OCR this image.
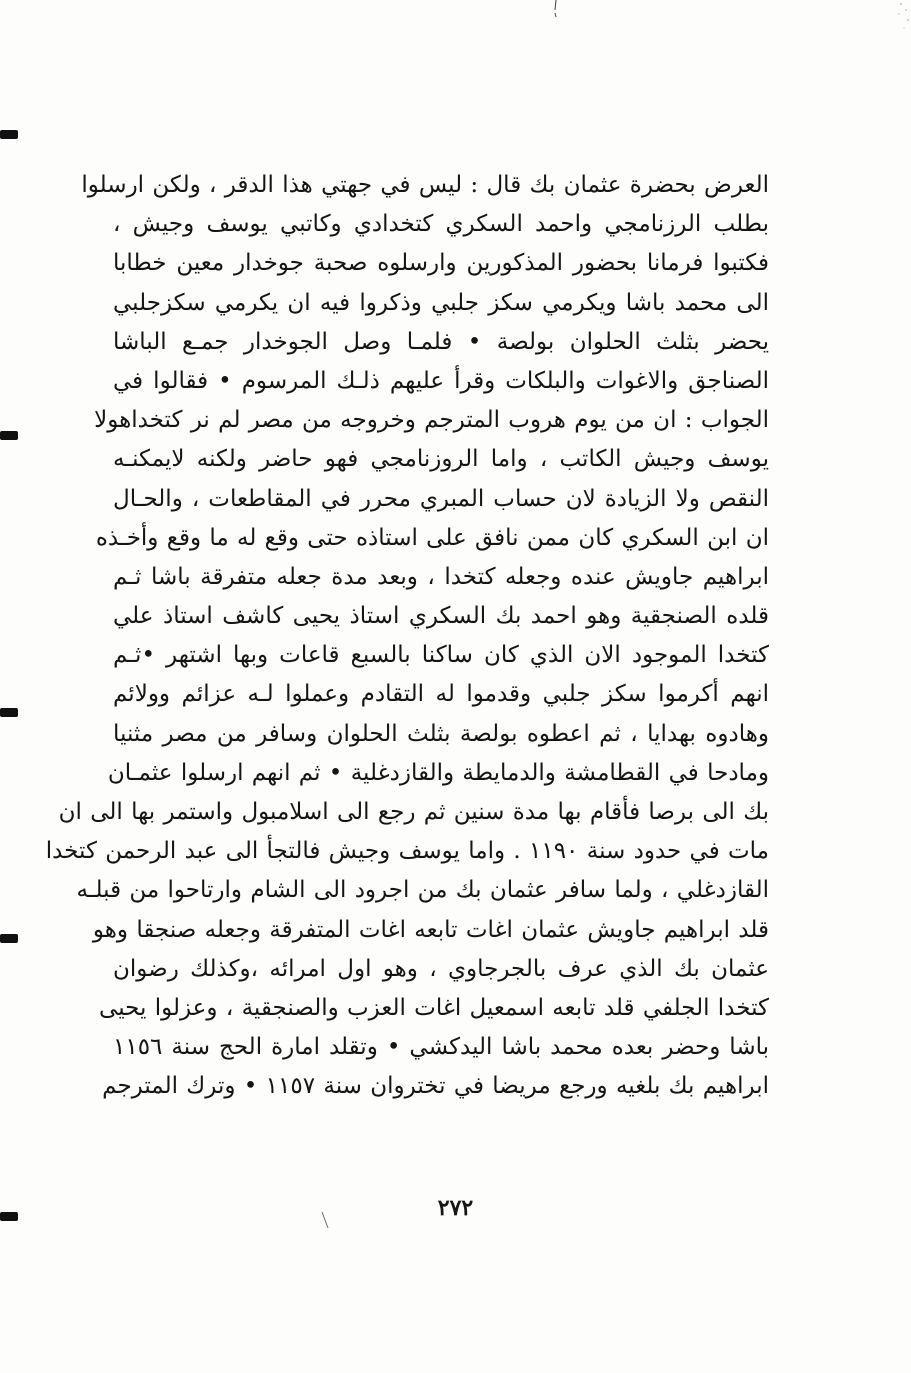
العرض بحضرة عثمان بك قال : ليس في جهتي هذا الدقر ، ولكن ارسلوا
بطلب الرزنامجي واحمد السكري كتخدادي وكاتبي يوسف وجيش ،
فكتبوا فرمانا بحضور المذكورين وارسلوه صحبة جوخدار معين خطابا
الى محمد باشا ويكرمي سكز جلبي وذكروا فيه ان يكرمي سكزجلبي
يحضر بثلث الحلوان بولصة • فلمـا وصل الجوخدار جمـع الباشا
الصناجق والاغوات والبلكات وقرأ عليهم ذلـك المرسوم • فقالوا في
الجواب : ان من يوم هروب المترجم وخروجه من مصر لم نر كتخداهولا
يوسف وجيش الكاتب ، واما الروزنامجي فهو حاضر ولكنه لايمكنـه
النقص ولا الزيادة لان حساب المبري محرر في المقاطعات ، والحـال
ان ابن السكري كان ممن نافق على استاذه حتى وقع له ما وقع وأخـذه
ابراهيم جاويش عنده وجعله كتخدا ، وبعد مدة جعله متفرقة باشا ثـم
قلده الصنجقية وهو احمد بك السكري استاذ يحيى كاشف استاذ علي
كتخدا الموجود الان الذي كان ساكنا بالسبع قاعات وبها اشتهر •ثـم
انهم أكرموا سكز جلبي وقدموا له التقادم وعملوا لـه عزائم وولائم
وهادوه بهدايا ، ثم اعطوه بولصة بثلث الحلوان وسافر من مصر مثنيا
ومادحا في القطامشة والدمايطة والقازدغلية • ثم انهم ارسلوا عثمـان
بك الى برصا فأقام بها مدة سنين ثم رجع الى اسلامبول واستمر بها الى ان
مات في حدود سنة ١١٩٠ . واما يوسف وجيش فالتجأ الى عبد الرحمن كتخدا
القازدغلي ، ولما سافر عثمان بك من اجرود الى الشام وارتاحوا من قبلـه
قلد ابراهيم جاويش عثمان اغات تابعه اغات المتفرقة وجعله صنجقا وهو
عثمان بك الذي عرف بالجرجاوي ، وهو اول امرائه ،وكذلك رضوان
كتخدا الجلفي قلد تابعه اسمعيل اغات العزب والصنجقية ، وعزلوا يحيى
باشا وحضر بعده محمد باشا اليدكشي • وتقلد امارة الحج سنة ١١٥٦
ابراهيم بك بلغيه ورجع مريضا في تختروان سنة ١١٥٧ • وترك المترجم
٢٧٢
